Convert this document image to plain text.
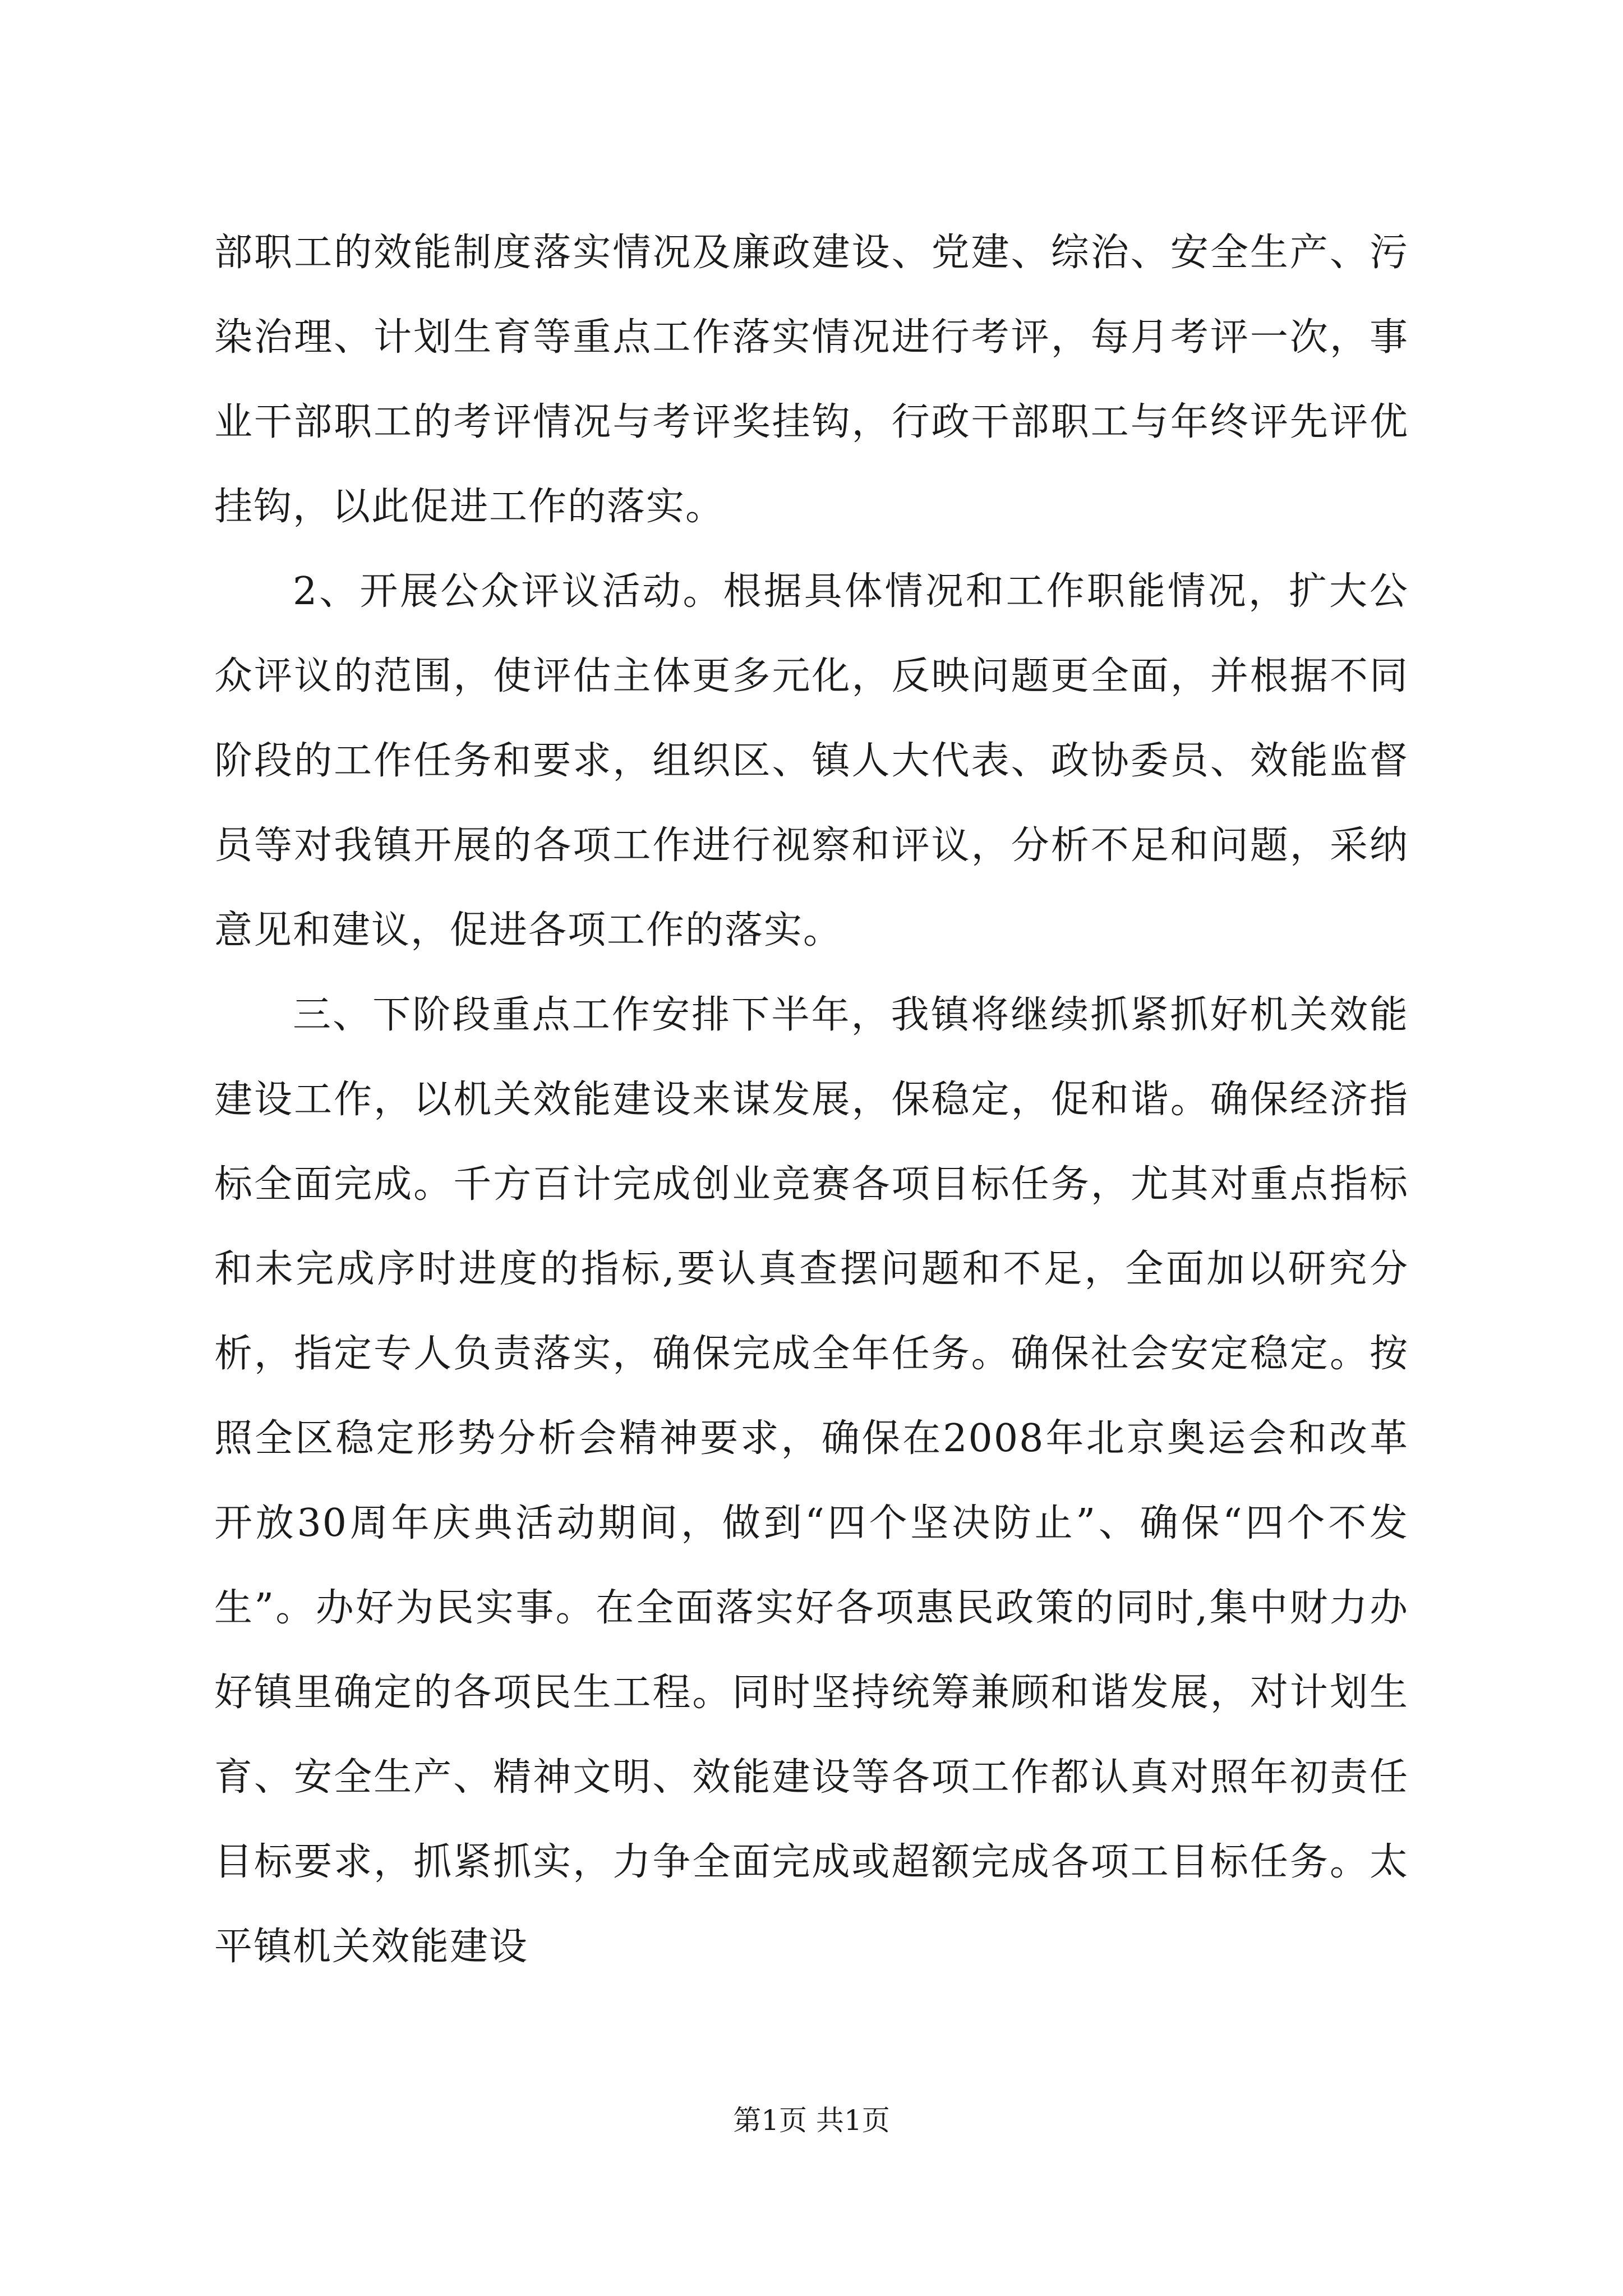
部职工的效能制度落实情况及廉政建设、党建、综治、安全生产、污染治理、计划生育等重点工作落实情况进行考评，每月考评一次，事业干部职工的考评情况与考评奖挂钩，行政干部职工与年终评先评优挂钩，以此促进工作的落实。

2、开展公众评议活动。根据具体情况和工作职能情况，扩大公众评议的范围，使评估主体更多元化，反映问题更全面，并根据不同阶段的工作任务和要求，组织区、镇人大代表、政协委员、效能监督员等对我镇开展的各项工作进行视察和评议，分析不足和问题，采纳意见和建议，促进各项工作的落实。

三、下阶段重点工作安排下半年，我镇将继续抓紧抓好机关效能建设工作，以机关效能建设来谋发展，保稳定，促和谐。确保经济指标全面完成。千方百计完成创业竞赛各项目标任务，尤其对重点指标和未完成序时进度的指标,要认真查摆问题和不足，全面加以研究分析，指定专人负责落实，确保完成全年任务。确保社会安定稳定。按照全区稳定形势分析会精神要求，确保在2008年北京奥运会和改革开放30周年庆典活动期间，做到“四个坚决防止”、确保“四个不发生”。办好为民实事。在全面落实好各项惠民政策的同时,集中财力办好镇里确定的各项民生工程。同时坚持统筹兼顾和谐发展，对计划生育、安全生产、精神文明、效能建设等各项工作都认真对照年初责任目标要求，抓紧抓实，力争全面完成或超额完成各项工目标任务。太平镇机关效能建设

第1页 共1页
